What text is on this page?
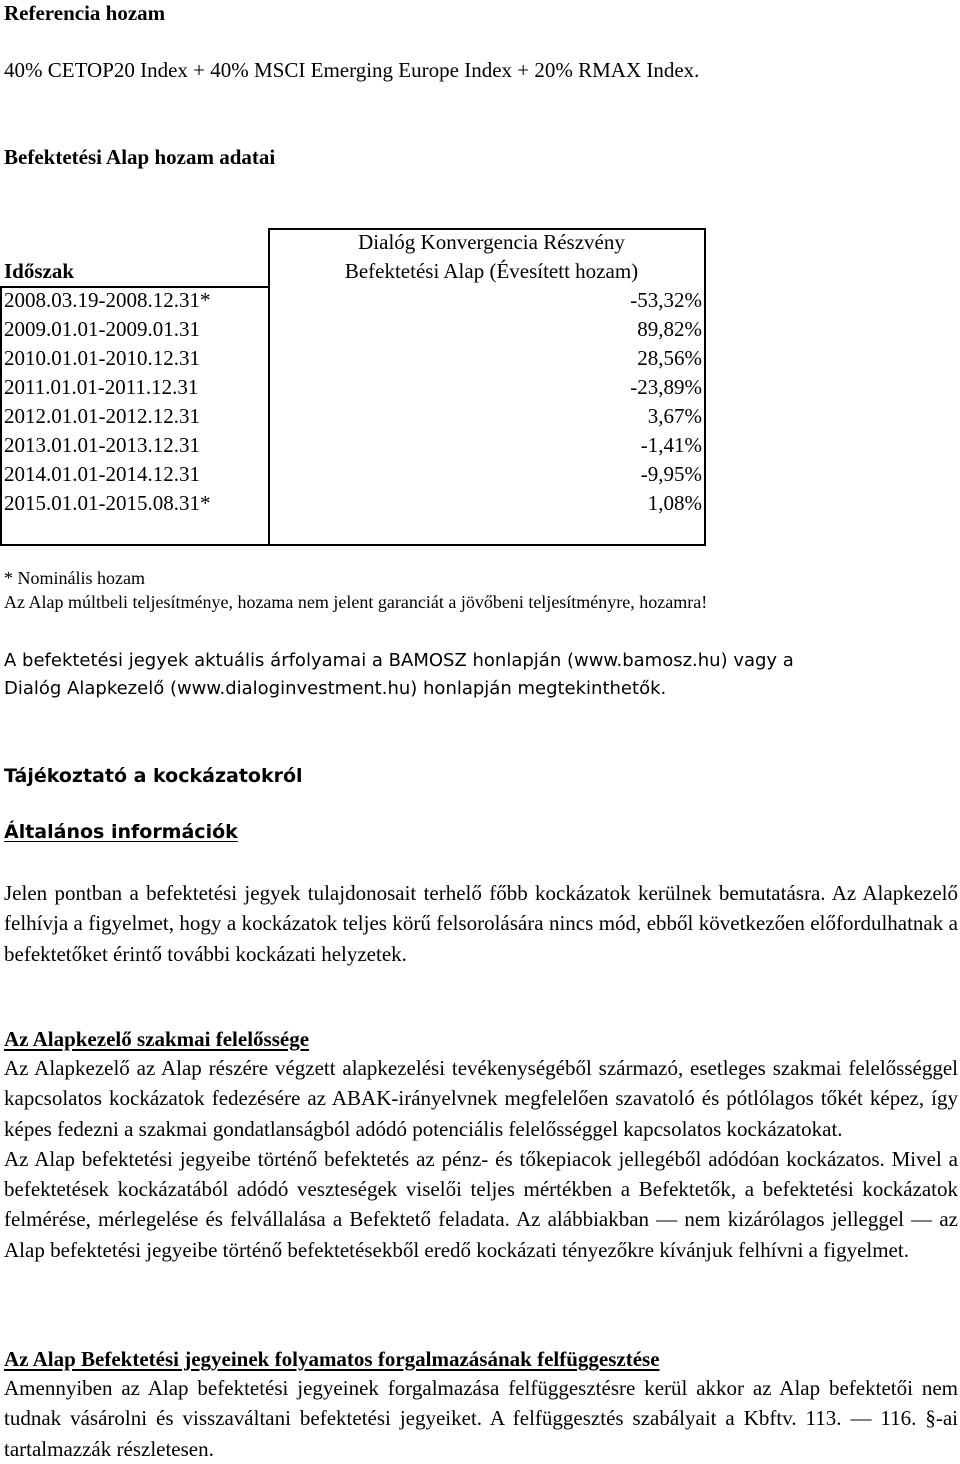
Referencia hozam
40% CETOP20 Index + 40% MSCI Emerging Europe Index + 20% RMAX Index.
Befektetési Alap hozam adatai
Időszak	Dialóg Konvergencia Részvény
Befektetési Alap (Évesített hozam)
2008.03.19-2008.12.31*	-53,32%
2009.01.01-2009.01.31	89,82%
2010.01.01-2010.12.31	28,56%
2011.01.01-2011.12.31	-23,89%
2012.01.01-2012.12.31	3,67%
2013.01.01-2013.12.31	-1,41%
2014.01.01-2014.12.31	-9,95%
2015.01.01-2015.08.31*	1,08%
* Nominális hozam
Az Alap múltbeli teljesítménye, hozama nem jelent garanciát a jövőbeni teljesítményre, hozamra!
A befektetési jegyek aktuális árfolyamai a BAMOSZ honlapján (www.bamosz.hu) vagy a
Dialóg Alapkezelő (www.dialoginvestment.hu) honlapján megtekinthetők.
Tájékoztató a kockázatokról
Általános információk

Jelen pontban a befektetési jegyek tulajdonosait terhelő főbb kockázatok kerülnek bemutatásra. Az Alapkezelő felhívja a figyelmet, hogy a kockázatok teljes körű felsorolására nincs mód, ebből következően előfordulhatnak a befektetőket érintő további kockázati helyzetek.

Az Alapkezelő szakmai felelőssége

Az Alapkezelő az Alap részére végzett alapkezelési tevékenységéből származó, esetleges szakmai felelősséggel kapcsolatos kockázatok fedezésére az ABAK-irányelvnek megfelelően szavatoló és pótlólagos tőkét képez, így képes fedezni a szakmai gondatlanságból adódó potenciális felelősséggel kapcsolatos kockázatokat.

Az Alap befektetési jegyeibe történő befektetés az pénz- és tőkepiacok jellegéből adódóan kockázatos. Mivel a befektetések kockázatából adódó veszteségek viselői teljes mértékben a Befektetők, a befektetési kockázatok felmérése, mérlegelése és felvállalása a Befektető feladata. Az alábbiakban — nem kizárólagos jelleggel — az Alap befektetési jegyeibe történő befektetésekből eredő kockázati tényezőkre kívánjuk felhívni a figyelmet.

Az Alap Befektetési jegyeinek folyamatos forgalmazásának felfüggesztése

Amennyiben az Alap befektetési jegyeinek forgalmazása felfüggesztésre kerül akkor az Alap befektetői nem tudnak vásárolni és visszaváltani befektetési jegyeiket. A felfüggesztés szabályait a Kbftv. 113. — 116. §-ai tartalmazzák részletesen.
